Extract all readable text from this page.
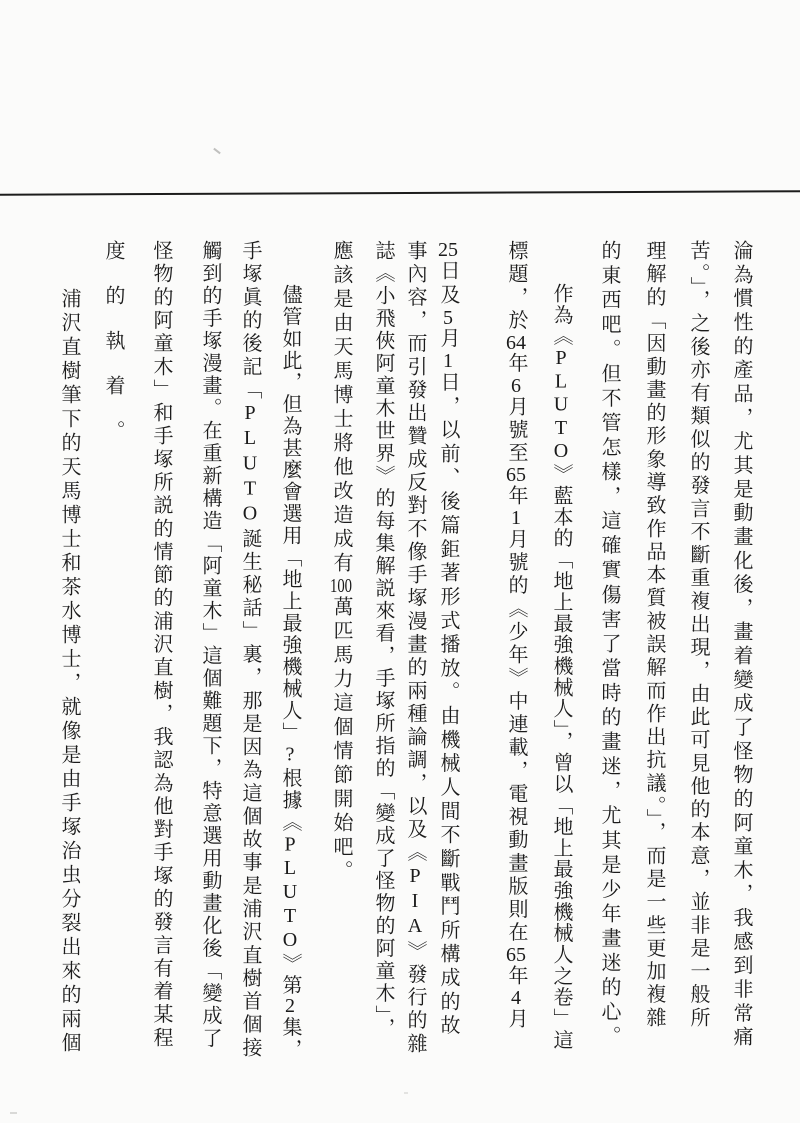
淪為慣性的產品，尤其是動畫化後，畫着變成了怪物的阿童木，我感到非常痛
苦。」，之後亦有類似的發言不斷重複出現，由此可見他的本意，並非是一般所
理解的「因動畫的形象導致作品本質被誤解而作出抗議。」，而是一些更加複雜
的東西吧。但不管怎樣，這確實傷害了當時的畫迷，尤其是少年畫迷的心。
作為《PLUTO》藍本的「地上最強機械人」，曾以「地上最強機械人之卷」這
標題，於64年6月號至65年1月號的《少年》中連載，電視動畫版則在65年4月
25日及5月1日，以前、後篇鉅著形式播放。由機械人間不斷戰鬥所構成的故
事內容，而引發出贊成反對不像手塚漫畫的兩種論調，以及《PIA》發行的雜
誌《小飛俠阿童木世界》的每集解説來看，手塚所指的「變成了怪物的阿童木」，
應該是由天馬博士將他改造成有100萬匹馬力這個情節開始吧。
儘管如此，但為甚麼會選用「地上最強機械人」?根據《PLUTO》第2集，
手塚眞的後記「PLUTO誕生秘話」裏，那是因為這個故事是浦沢直樹首個接
觸到的手塚漫畫。在重新構造「阿童木」這個難題下，特意選用動畫化後「變成了
怪物的阿童木」和手塚所説的情節的浦沢直樹，我認為他對手塚的發言有着某程
度的執着。
浦沢直樹筆下的天馬博士和茶水博士，就像是由手塚治虫分裂出來的兩個
